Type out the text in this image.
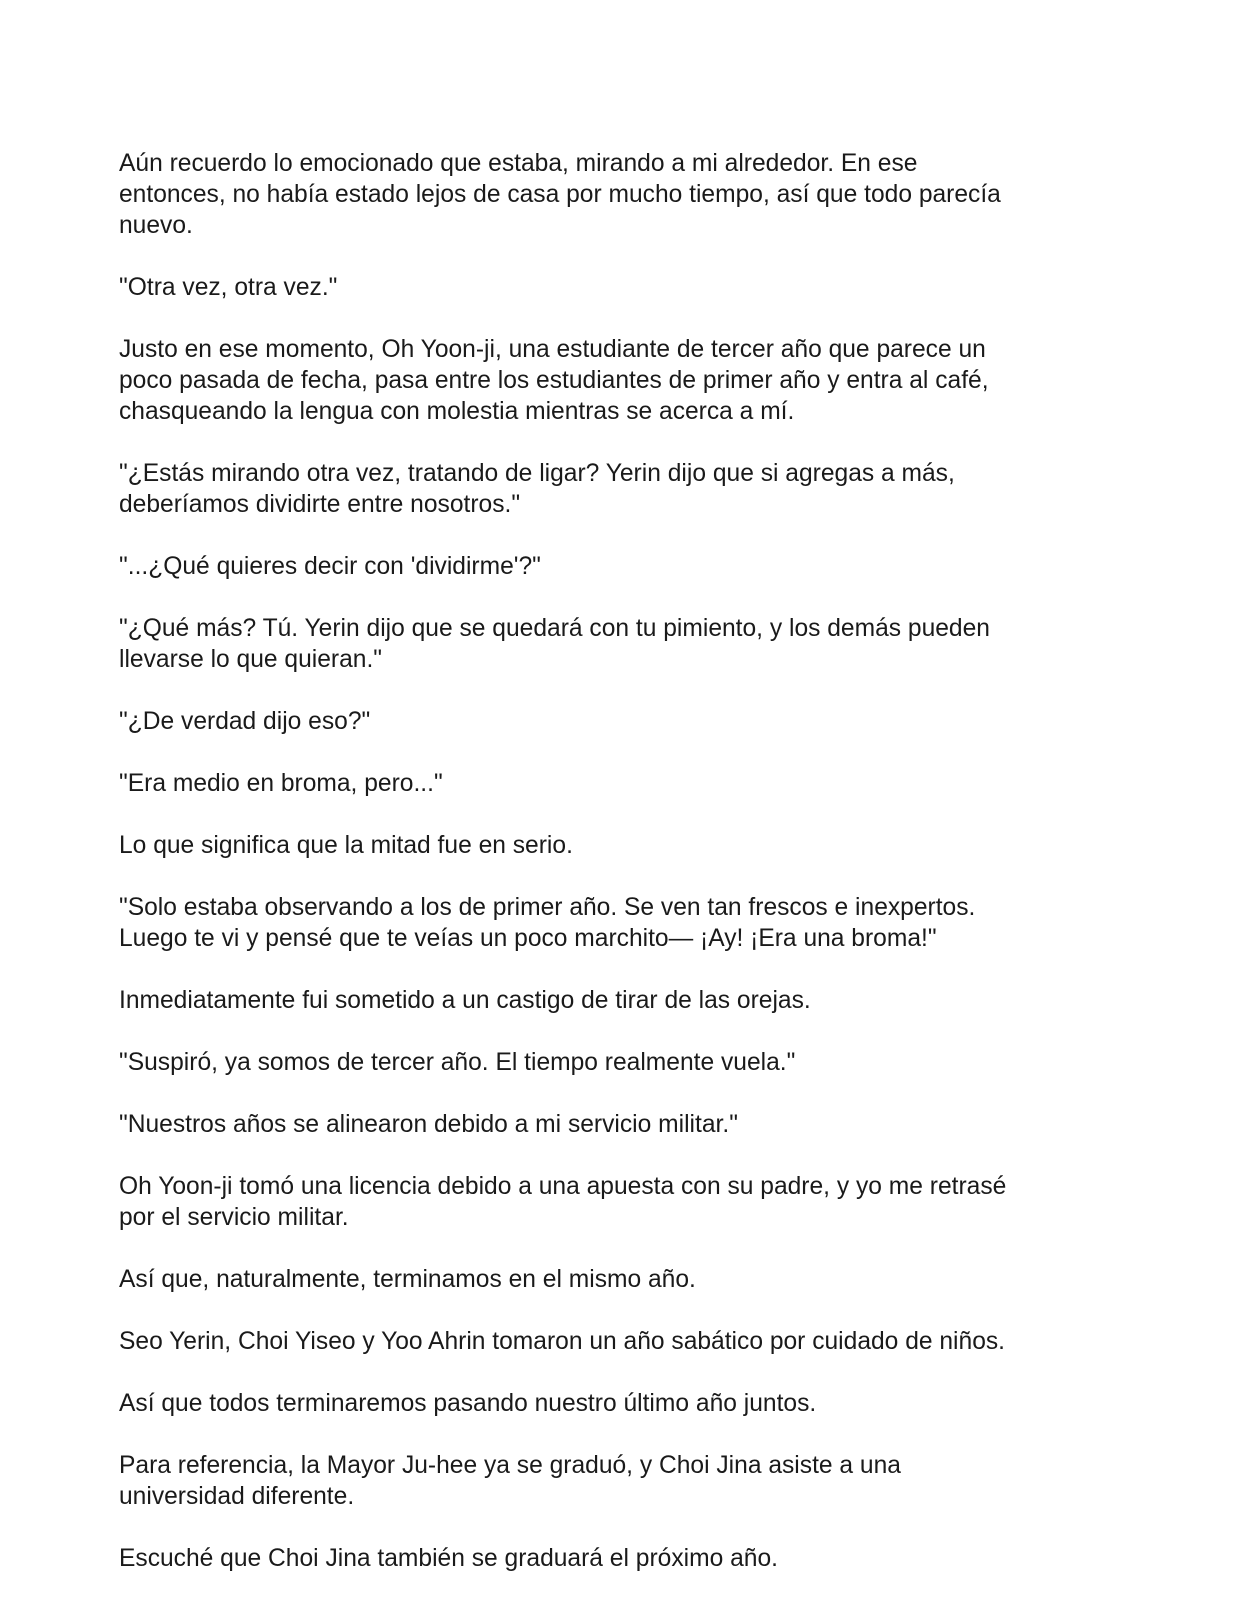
Aún recuerdo lo emocionado que estaba, mirando a mi alrededor. En ese
entonces, no había estado lejos de casa por mucho tiempo, así que todo parecía
nuevo.

"Otra vez, otra vez."

Justo en ese momento, Oh Yoon-ji, una estudiante de tercer año que parece un
poco pasada de fecha, pasa entre los estudiantes de primer año y entra al café,
chasqueando la lengua con molestia mientras se acerca a mí.

"¿Estás mirando otra vez, tratando de ligar? Yerin dijo que si agregas a más,
deberíamos dividirte entre nosotros."

"...¿Qué quieres decir con 'dividirme'?"

"¿Qué más? Tú. Yerin dijo que se quedará con tu pimiento, y los demás pueden
llevarse lo que quieran."

"¿De verdad dijo eso?"

"Era medio en broma, pero..."

Lo que significa que la mitad fue en serio.

"Solo estaba observando a los de primer año. Se ven tan frescos e inexpertos.
Luego te vi y pensé que te veías un poco marchito— ¡Ay! ¡Era una broma!"

Inmediatamente fui sometido a un castigo de tirar de las orejas.

"Suspiró, ya somos de tercer año. El tiempo realmente vuela."

"Nuestros años se alinearon debido a mi servicio militar."

Oh Yoon-ji tomó una licencia debido a una apuesta con su padre, y yo me retrasé
por el servicio militar.

Así que, naturalmente, terminamos en el mismo año.

Seo Yerin, Choi Yiseo y Yoo Ahrin tomaron un año sabático por cuidado de niños.

Así que todos terminaremos pasando nuestro último año juntos.

Para referencia, la Mayor Ju-hee ya se graduó, y Choi Jina asiste a una
universidad diferente.

Escuché que Choi Jina también se graduará el próximo año.
